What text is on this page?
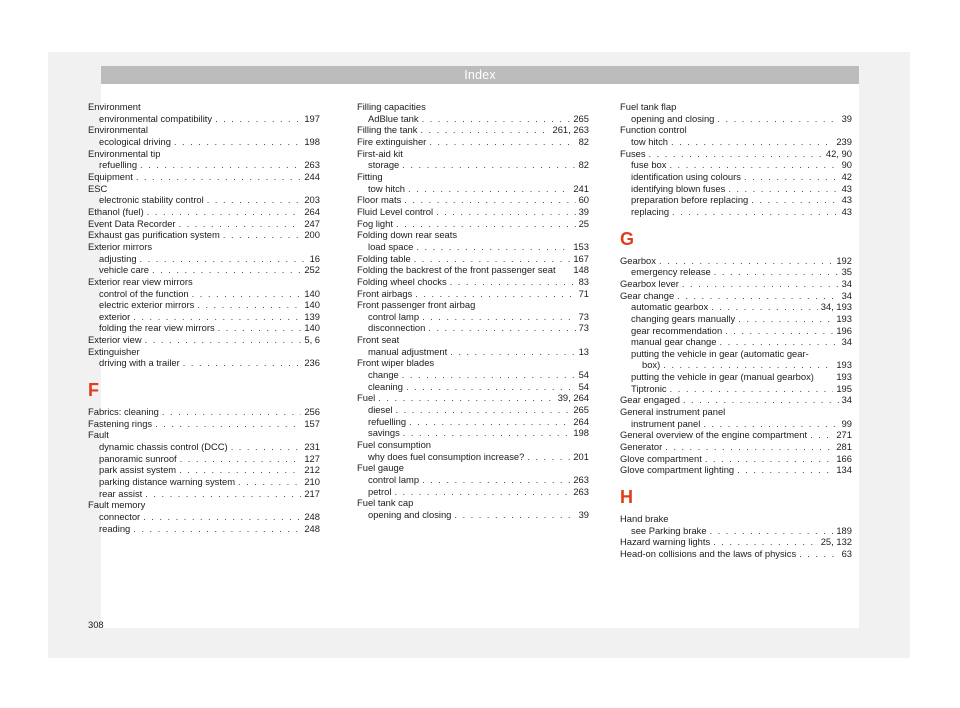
Index
Environment
environmental compatibility . . .	197
Environmental
ecological driving . . .	198
Environmental tip
refuelling . . .	263
Equipment . . .	244
ESC
electronic stability control . . .	203
Ethanol (fuel) . . .	264
Event Data Recorder . . .	247
Exhaust gas purification system . . .	200
Exterior mirrors
adjusting . . .	16
vehicle care . . .	252
Exterior rear view mirrors
control of the function . . .	140
electric exterior mirrors . . .	140
exterior . . .	139
folding the rear view mirrors . . .	140
Exterior view . . .	5, 6
Extinguisher
driving with a trailer . . .	236
F
Fabrics: cleaning . . .	256
Fastening rings . . .	157
Fault
dynamic chassis control (DCC) . . .	231
panoramic sunroof . . .	127
park assist system . . .	212
parking distance warning system . . .	210
rear assist . . .	217
Fault memory
connector . . .	248
reading . . .	248
Filling capacities
AdBlue tank . . .	265
Filling the tank . . .	261, 263
Fire extinguisher . . .	82
First-aid kit
storage . . .	82
Fitting
tow hitch . . .	241
Floor mats . . .	60
Fluid Level control . . .	39
Fog light . . .	25
Folding down rear seats
load space . . .	153
Folding table . . .	167
Folding the backrest of the front passenger seat 148
Folding wheel chocks . . .	83
Front airbags . . .	71
Front passenger front airbag
control lamp . . .	73
disconnection . . .	73
Front seat
manual adjustment . . .	13
Front wiper blades
change . . .	54
cleaning . . .	54
Fuel . . .	39, 264
diesel . . .	265
refuelling . . .	264
savings . . .	198
Fuel consumption
why does fuel consumption increase? . . .	201
Fuel gauge
control lamp . . .	263
petrol . . .	263
Fuel tank cap
opening and closing . . .	39
Fuel tank flap
opening and closing . . .	39
Function control
tow hitch . . .	239
Fuses . . .	42, 90
fuse box . . .	90
identification using colours . . .	42
identifying blown fuses . . .	43
preparation before replacing . . .	43
replacing . . .	43
G
Gearbox . . .	192
emergency release . . .	35
Gearbox lever . . .	34
Gear change . . .	34
automatic gearbox . . .	34, 193
changing gears manually . . .	193
gear recommendation . . .	196
manual gear change . . .	34
putting the vehicle in gear (automatic gear-
box) . . .	193
putting the vehicle in gear (manual gearbox) 193
Tiptronic . . .	195
Gear engaged . . .	34
General instrument panel
instrument panel . . .	99
General overview of the engine compartment . . .	271
Generator . . .	281
Glove compartment . . .	166
Glove compartment lighting . . .	134
H
Hand brake
see Parking brake . . .	189
Hazard warning lights . . .	25, 132
Head-on collisions and the laws of physics . . .	63
308
